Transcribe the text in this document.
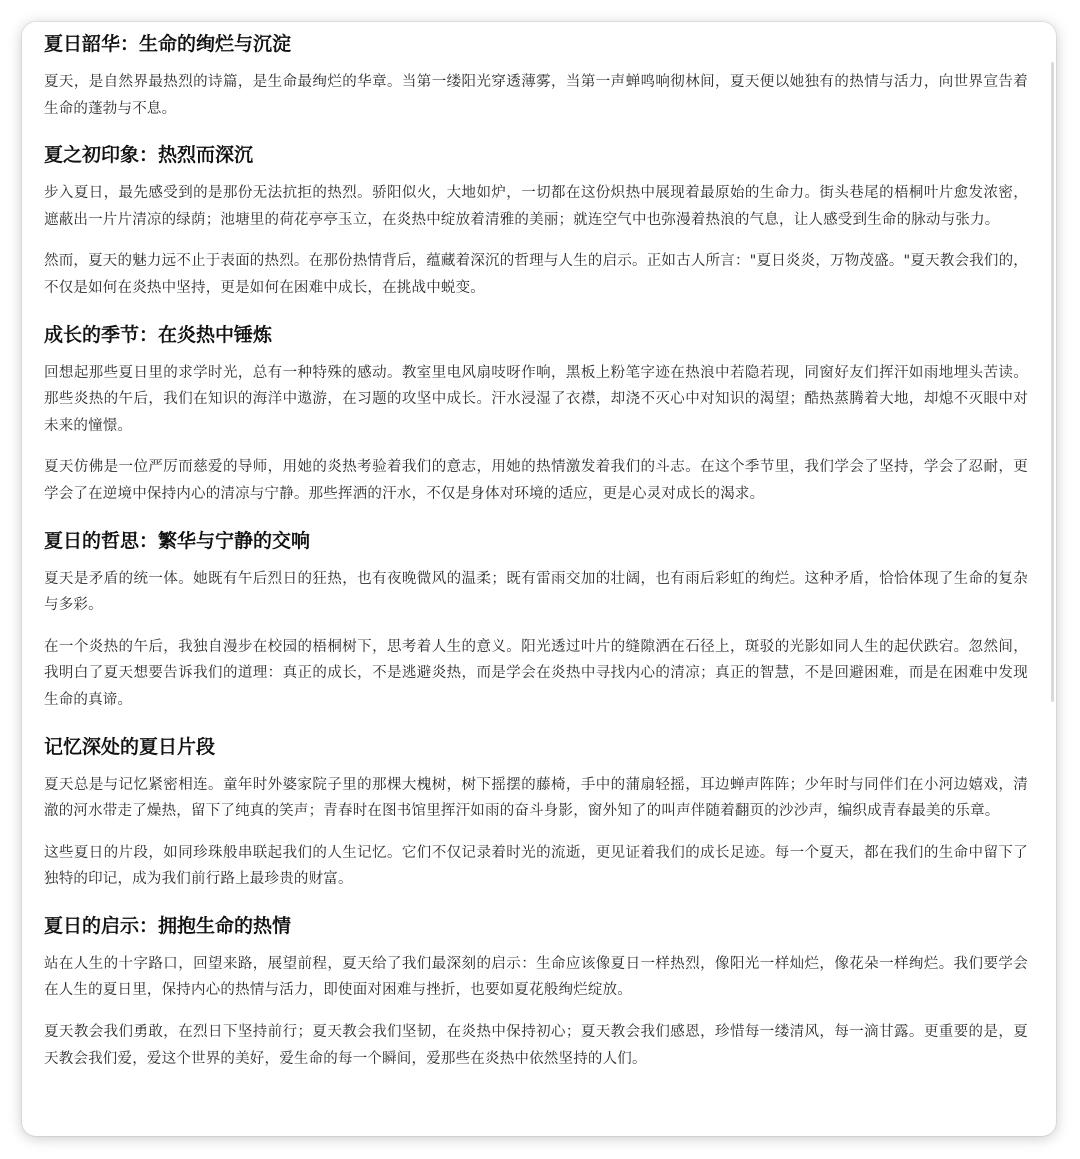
夏日韶华：生命的绚烂与沉淀

夏天，是自然界最热烈的诗篇，是生命最绚烂的华章。当第一缕阳光穿透薄雾，当第一声蝉鸣响彻林间，夏天便以她独有的热情与活力，向世界宣告着生命的蓬勃与不息。

夏之初印象：热烈而深沉

步入夏日，最先感受到的是那份无法抗拒的热烈。骄阳似火，大地如炉，一切都在这份炽热中展现着最原始的生命力。街头巷尾的梧桐叶片愈发浓密，遮蔽出一片片清凉的绿荫；池塘里的荷花亭亭玉立，在炎热中绽放着清雅的美丽；就连空气中也弥漫着热浪的气息，让人感受到生命的脉动与张力。

然而，夏天的魅力远不止于表面的热烈。在那份热情背后，蕴藏着深沉的哲理与人生的启示。正如古人所言："夏日炎炎，万物茂盛。"夏天教会我们的，不仅是如何在炎热中坚持，更是如何在困难中成长，在挑战中蜕变。

成长的季节：在炎热中锤炼

回想起那些夏日里的求学时光，总有一种特殊的感动。教室里电风扇吱呀作响，黑板上粉笔字迹在热浪中若隐若现，同窗好友们挥汗如雨地埋头苦读。那些炎热的午后，我们在知识的海洋中遨游，在习题的攻坚中成长。汗水浸湿了衣襟，却浇不灭心中对知识的渴望；酷热蒸腾着大地，却熄不灭眼中对未来的憧憬。

夏天仿佛是一位严厉而慈爱的导师，用她的炎热考验着我们的意志，用她的热情激发着我们的斗志。在这个季节里，我们学会了坚持，学会了忍耐，更学会了在逆境中保持内心的清凉与宁静。那些挥洒的汗水，不仅是身体对环境的适应，更是心灵对成长的渴求。

夏日的哲思：繁华与宁静的交响

夏天是矛盾的统一体。她既有午后烈日的狂热，也有夜晚微风的温柔；既有雷雨交加的壮阔，也有雨后彩虹的绚烂。这种矛盾，恰恰体现了生命的复杂与多彩。

在一个炎热的午后，我独自漫步在校园的梧桐树下，思考着人生的意义。阳光透过叶片的缝隙洒在石径上，斑驳的光影如同人生的起伏跌宕。忽然间，我明白了夏天想要告诉我们的道理：真正的成长，不是逃避炎热，而是学会在炎热中寻找内心的清凉；真正的智慧，不是回避困难，而是在困难中发现生命的真谛。

记忆深处的夏日片段

夏天总是与记忆紧密相连。童年时外婆家院子里的那棵大槐树，树下摇摆的藤椅，手中的蒲扇轻摇，耳边蝉声阵阵；少年时与同伴们在小河边嬉戏，清澈的河水带走了燥热，留下了纯真的笑声；青春时在图书馆里挥汗如雨的奋斗身影，窗外知了的叫声伴随着翻页的沙沙声，编织成青春最美的乐章。

这些夏日的片段，如同珍珠般串联起我们的人生记忆。它们不仅记录着时光的流逝，更见证着我们的成长足迹。每一个夏天，都在我们的生命中留下了独特的印记，成为我们前行路上最珍贵的财富。

夏日的启示：拥抱生命的热情

站在人生的十字路口，回望来路，展望前程，夏天给了我们最深刻的启示：生命应该像夏日一样热烈，像阳光一样灿烂，像花朵一样绚烂。我们要学会在人生的夏日里，保持内心的热情与活力，即使面对困难与挫折，也要如夏花般绚烂绽放。

夏天教会我们勇敢，在烈日下坚持前行；夏天教会我们坚韧，在炎热中保持初心；夏天教会我们感恩，珍惜每一缕清风，每一滴甘露。更重要的是，夏天教会我们爱，爱这个世界的美好，爱生命的每一个瞬间，爱那些在炎热中依然坚持的人们。
